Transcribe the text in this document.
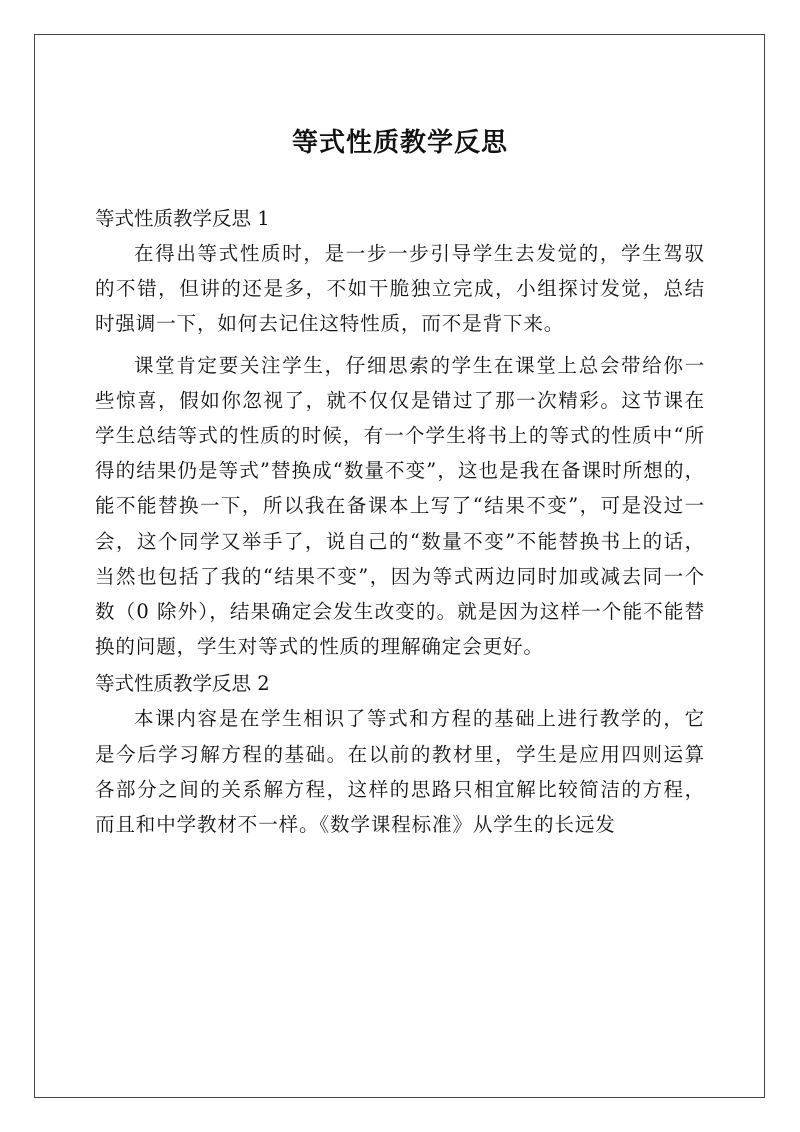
等式性质教学反思
等式性质教学反思 1

在得出等式性质时，是一步一步引导学生去发觉的，学生驾驭的不错，但讲的还是多，不如干脆独立完成，小组探讨发觉，总结时强调一下，如何去记住这特性质，而不是背下来。

课堂肯定要关注学生，仔细思索的学生在课堂上总会带给你一些惊喜，假如你忽视了，就不仅仅是错过了那一次精彩。这节课在学生总结等式的性质的时候，有一个学生将书上的等式的性质中“所得的结果仍是等式”替换成“数量不变”，这也是我在备课时所想的，能不能替换一下，所以我在备课本上写了“结果不变”，可是没过一会，这个同学又举手了，说自己的“数量不变”不能替换书上的话，当然也包括了我的“结果不变”，因为等式两边同时加或减去同一个数（0 除外），结果确定会发生改变的。就是因为这样一个能不能替换的问题，学生对等式的性质的理解确定会更好。

等式性质教学反思 2

本课内容是在学生相识了等式和方程的基础上进行教学的，它是今后学习解方程的基础。在以前的教材里，学生是应用四则运算各部分之间的关系解方程，这样的思路只相宜解比较简洁的方程，而且和中学教材不一样。《数学课程标准》从学生的长远发
